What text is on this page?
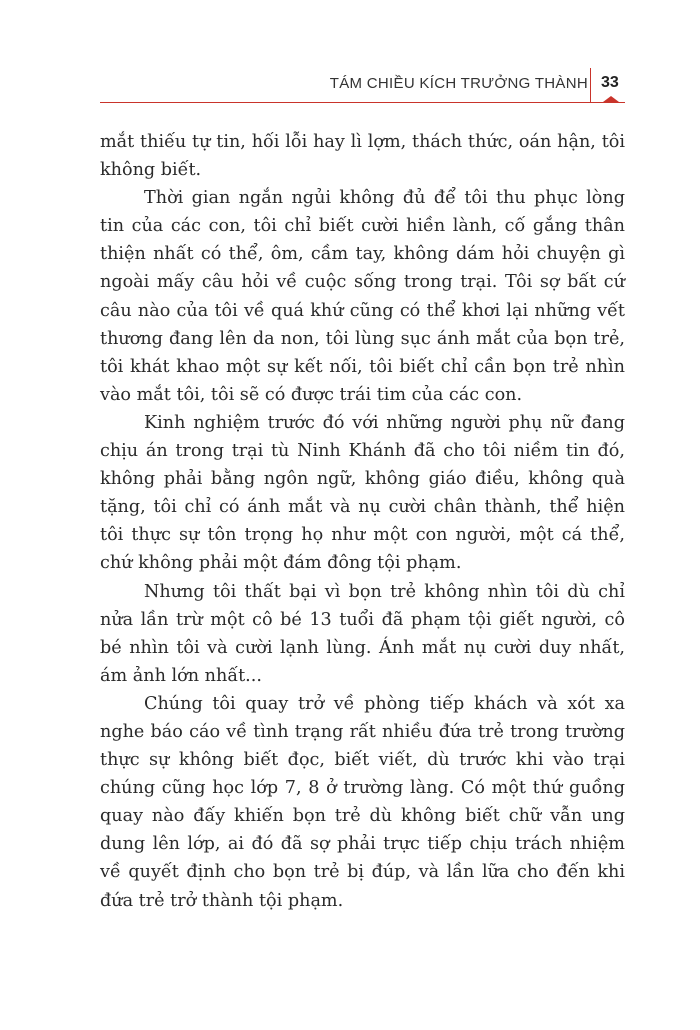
TÁM CHIỀU KÍCH TRƯỞNG THÀNH 33

mắt thiếu tự tin, hối lỗi hay lì lợm, thách thức, oán hận, tôi không biết.

Thời gian ngắn ngủi không đủ để tôi thu phục lòng tin của các con, tôi chỉ biết cười hiền lành, cố gắng thân thiện nhất có thể, ôm, cầm tay, không dám hỏi chuyện gì ngoài mấy câu hỏi về cuộc sống trong trại. Tôi sợ bất cứ câu nào của tôi về quá khứ cũng có thể khơi lại những vết thương đang lên da non, tôi lùng sục ánh mắt của bọn trẻ, tôi khát khao một sự kết nối, tôi biết chỉ cần bọn trẻ nhìn vào mắt tôi, tôi sẽ có được trái tim của các con.

Kinh nghiệm trước đó với những người phụ nữ đang chịu án trong trại tù Ninh Khánh đã cho tôi niềm tin đó, không phải bằng ngôn ngữ, không giáo điều, không quà tặng, tôi chỉ có ánh mắt và nụ cười chân thành, thể hiện tôi thực sự tôn trọng họ như một con người, một cá thể, chứ không phải một đám đông tội phạm.

Nhưng tôi thất bại vì bọn trẻ không nhìn tôi dù chỉ nửa lần trừ một cô bé 13 tuổi đã phạm tội giết người, cô bé nhìn tôi và cười lạnh lùng. Ánh mắt nụ cười duy nhất, ám ảnh lớn nhất...

Chúng tôi quay trở về phòng tiếp khách và xót xa nghe báo cáo về tình trạng rất nhiều đứa trẻ trong trường thực sự không biết đọc, biết viết, dù trước khi vào trại chúng cũng học lớp 7, 8 ở trường làng. Có một thứ guồng quay nào đấy khiến bọn trẻ dù không biết chữ vẫn ung dung lên lớp, ai đó đã sợ phải trực tiếp chịu trách nhiệm về quyết định cho bọn trẻ bị đúp, và lần lữa cho đến khi đứa trẻ trở thành tội phạm.
